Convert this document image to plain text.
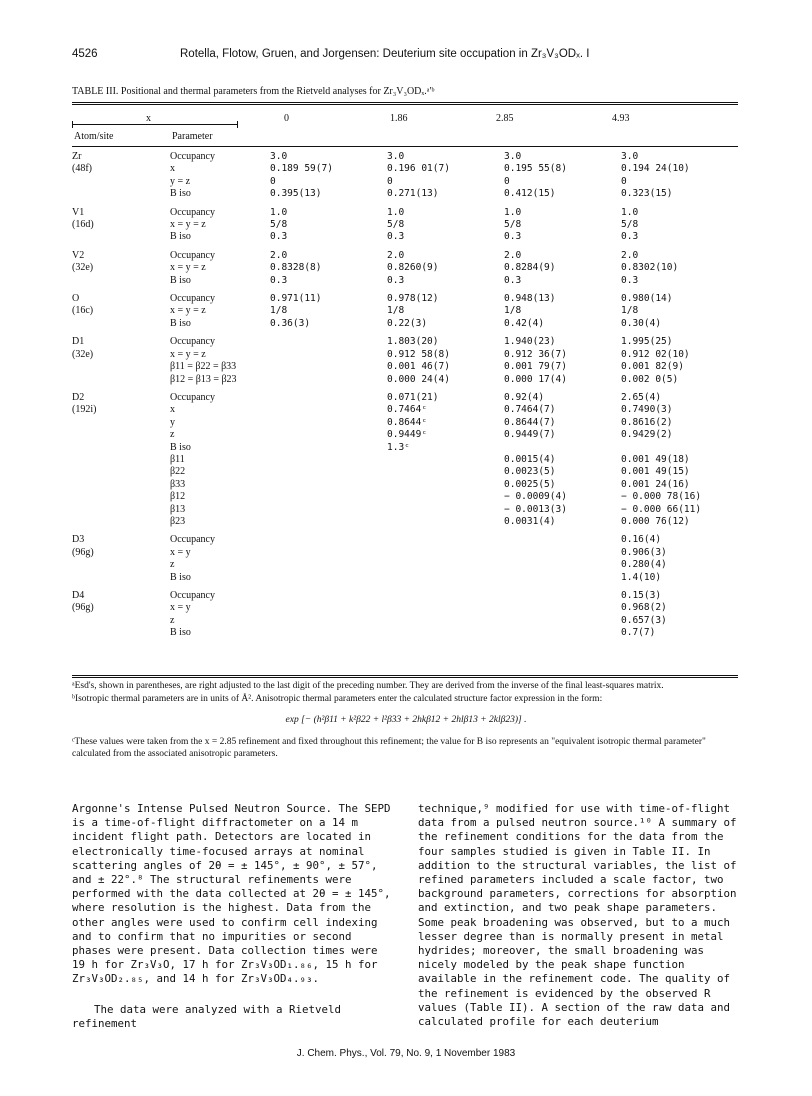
4526	Rotella, Flotow, Gruen, and Jorgensen: Deuterium site occupation in Zr₃V₃ODₓ. I
TABLE III. Positional and thermal parameters from the Rietveld analyses for Zr₃V₃ODₓ.ᵃ'ᵇ
x	0	1.86	2.85	4.93
Atom/site	Parameter
Zr	Occupancy	3.0	3.0	3.0	3.0
(48f)	x	0.189 59(7)	0.196 01(7)	0.195 55(8)	0.194 24(10)
	y = z	0	0	0	0
	B iso	0.395(13)	0.271(13)	0.412(15)	0.323(15)
V1	Occupancy	1.0	1.0	1.0	1.0
(16d)	x = y = z	5/8	5/8	5/8	5/8
	B iso	0.3	0.3	0.3	0.3
V2	Occupancy	2.0	2.0	2.0	2.0
(32e)	x = y = z	0.8328(8)	0.8260(9)	0.8284(9)	0.8302(10)
	B iso	0.3	0.3	0.3	0.3
O	Occupancy	0.971(11)	0.978(12)	0.948(13)	0.980(14)
(16c)	x = y = z	1/8	1/8	1/8	1/8
	B iso	0.36(3)	0.22(3)	0.42(4)	0.30(4)
D1	Occupancy		1.803(20)	1.940(23)	1.995(25)
(32e)	x = y = z		0.912 58(8)	0.912 36(7)	0.912 02(10)
	β11 = β22 = β33		0.001 46(7)	0.001 79(7)	0.001 82(9)
	β12 = β13 = β23		0.000 24(4)	0.000 17(4)	0.002 0(5)
D2	Occupancy		0.071(21)	0.92(4)	2.65(4)
(192i)	x		0.7464ᶜ	0.7464(7)	0.7490(3)
	y		0.8644ᶜ	0.8644(7)	0.8616(2)
	z		0.9449ᶜ	0.9449(7)	0.9429(2)
	B iso		1.3ᶜ		
	β11			0.0015(4)	0.001 49(18)
	β22			0.0023(5)	0.001 49(15)
	β33			0.0025(5)	0.001 24(16)
	β12			− 0.0009(4)	− 0.000 78(16)
	β13			− 0.0013(3)	− 0.000 66(11)
	β23			0.0031(4)	0.000 76(12)
D3	Occupancy				0.16(4)
(96g)	x = y				0.906(3)
	z				0.280(4)
	B iso				1.4(10)
D4	Occupancy				0.15(3)
(96g)	x = y				0.968(2)
	z				0.657(3)
	B iso				0.7(7)

ᵃEsd's, shown in parentheses, are right adjusted to the last digit of the preceding number. They are derived from the inverse of the final least-squares matrix.

ᵇIsotropic thermal parameters are in units of Å². Anisotropic thermal parameters enter the calculated structure factor expression in the form:

exp [− (h²β11 + k²β22 + l²β33 + 2hkβ12 + 2hlβ13 + 2klβ23)] .

ᶜThese values were taken from the x = 2.85 refinement and fixed throughout this refinement; the value for B iso represents an "equivalent isotropic thermal parameter" calculated from the associated anisotropic parameters.

Argonne's Intense Pulsed Neutron Source. The SEPD is a time-of-flight diffractometer on a 14 m incident flight path. Detectors are located in electronically time-focused arrays at nominal scattering angles of 2θ = ± 145°, ± 90°, ± 57°, and ± 22°.⁸ The structural refinements were performed with the data collected at 2θ = ± 145°, where resolution is the highest. Data from the other angles were used to confirm cell indexing and to confirm that no impurities or second phases were present. Data collection times were 19 h for Zr₃V₃O, 17 h for Zr₃V₃OD₁.₈₆, 15 h for Zr₃V₃OD₂.₈₅, and 14 h for Zr₃V₃OD₄.₉₃.

The data were analyzed with a Rietveld refinement

technique,⁹ modified for use with time-of-flight data from a pulsed neutron source.¹⁰ A summary of the refinement conditions for the data from the four samples studied is given in Table II. In addition to the structural variables, the list of refined parameters included a scale factor, two background parameters, corrections for absorption and extinction, and two peak shape parameters. Some peak broadening was observed, but to a much lesser degree than is normally present in metal hydrides; moreover, the small broadening was nicely modeled by the peak shape function available in the refinement code. The quality of the refinement is evidenced by the observed R values (Table II). A section of the raw data and calculated profile for each deuterium

J. Chem. Phys., Vol. 79, No. 9, 1 November 1983
